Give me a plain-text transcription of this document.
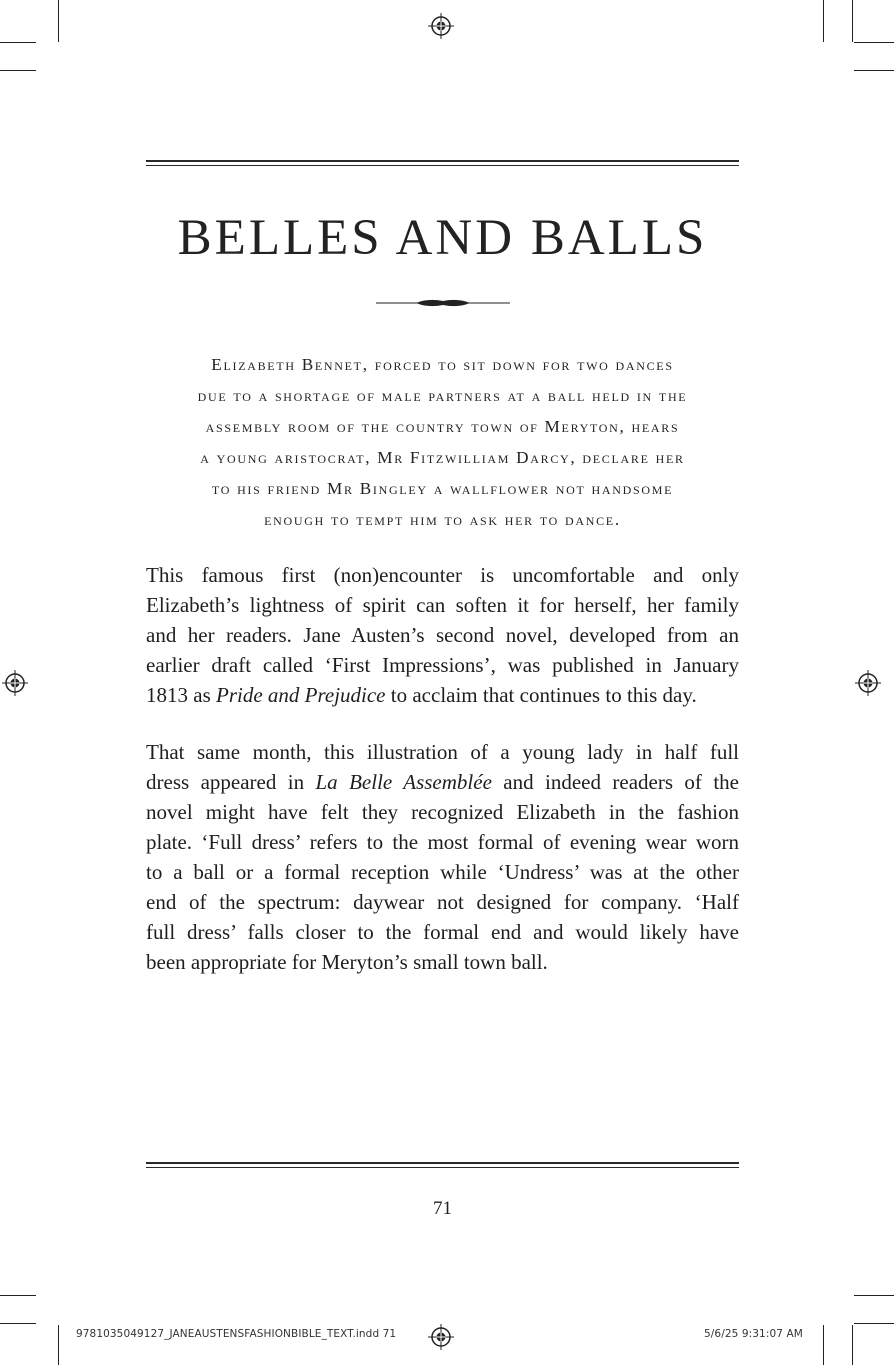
BELLES AND BALLS

Elizabeth Bennet, forced to sit down for two dances
due to a shortage of male partners at a ball held in the
assembly room of the country town of Meryton, hears
a young aristocrat, Mr Fitzwilliam Darcy, declare her
to his friend Mr Bingley a wallflower not handsome
enough to tempt him to ask her to dance.

This famous first (non)encounter is uncomfortable and only
Elizabeth’s lightness of spirit can soften it for herself, her family
and her readers. Jane Austen’s second novel, developed from an
earlier draft called ‘First Impressions’, was published in January
1813 as Pride and Prejudice to acclaim that continues to this day.

That same month, this illustration of a young lady in half full
dress appeared in La Belle Assemblée and indeed readers of the
novel might have felt they recognized Elizabeth in the fashion
plate. ‘Full dress’ refers to the most formal of evening wear worn
to a ball or a formal reception while ‘Undress’ was at the other
end of the spectrum: daywear not designed for company. ‘Half
full dress’ falls closer to the formal end and would likely have
been appropriate for Meryton’s small town ball.

71
9781035049127_JANEAUSTENSFASHIONBIBLE_TEXT.indd 71	5/6/25 9:31:07 AM
